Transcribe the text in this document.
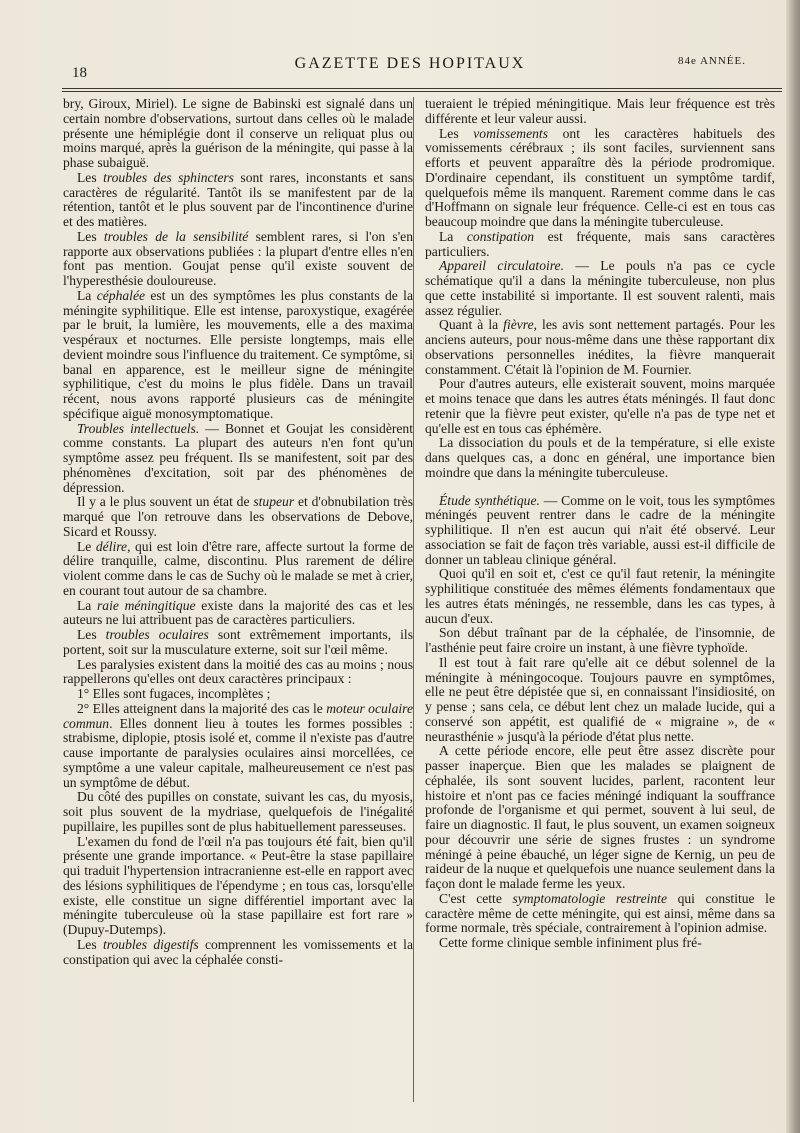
18
GAZETTE DES HOPITAUX	84e ANNÉE.

bry, Giroux, Miriel). Le signe de Babinski est signalé dans un certain nombre d'observations, surtout dans celles où le malade présente une hémiplégie dont il conserve un reliquat plus ou moins marqué, après la guérison de la méningite, qui passe à la phase subaiguë.

Les troubles des sphincters sont rares, inconstants et sans caractères de régularité. Tantôt ils se manifestent par de la rétention, tantôt et le plus souvent par de l'incontinence d'urine et des matières.

Les troubles de la sensibilité semblent rares, si l'on s'en rapporte aux observations publiées : la plupart d'entre elles n'en font pas mention. Goujat pense qu'il existe souvent de l'hyperesthésie douloureuse.

La céphalée est un des symptômes les plus constants de la méningite syphilitique. Elle est intense, paroxystique, exagérée par le bruit, la lumière, les mouvements, elle a des maxima vespéraux et nocturnes. Elle persiste longtemps, mais elle devient moindre sous l'influence du traitement. Ce symptôme, si banal en apparence, est le meilleur signe de méningite syphilitique, c'est du moins le plus fidèle. Dans un travail récent, nous avons rapporté plusieurs cas de méningite spécifique aiguë monosymptomatique.

Troubles intellectuels. — Bonnet et Goujat les considèrent comme constants. La plupart des auteurs n'en font qu'un symptôme assez peu fréquent. Ils se manifestent, soit par des phénomènes d'excitation, soit par des phénomènes de dépression.

Il y a le plus souvent un état de stupeur et d'obnubilation très marqué que l'on retrouve dans les observations de Debove, Sicard et Roussy.

Le délire, qui est loin d'être rare, affecte surtout la forme de délire tranquille, calme, discontinu. Plus rarement de délire violent comme dans le cas de Suchy où le malade se met à crier, en courant tout autour de sa chambre.

La raie méningitique existe dans la majorité des cas et les auteurs ne lui attribuent pas de caractères particuliers.

Les troubles oculaires sont extrêmement importants, ils portent, soit sur la musculature externe, soit sur l'œil même.

Les paralysies existent dans la moitié des cas au moins ; nous rappellerons qu'elles ont deux caractères principaux :

1° Elles sont fugaces, incomplètes ;

2° Elles atteignent dans la majorité des cas le moteur oculaire commun. Elles donnent lieu à toutes les formes possibles : strabisme, diplopie, ptosis isolé et, comme il n'existe pas d'autre cause importante de paralysies oculaires ainsi morcellées, ce symptôme a une valeur capitale, malheureusement ce n'est pas un symptôme de début.

Du côté des pupilles on constate, suivant les cas, du myosis, soit plus souvent de la mydriase, quelquefois de l'inégalité pupillaire, les pupilles sont de plus habituellement paresseuses.

L'examen du fond de l'œil n'a pas toujours été fait, bien qu'il présente une grande importance. « Peut-être la stase papillaire qui traduit l'hypertension intracranienne est-elle en rapport avec des lésions syphilitiques de l'épendyme ; en tous cas, lorsqu'elle existe, elle constitue un signe différentiel important avec la méningite tuberculeuse où la stase papillaire est fort rare » (Dupuy-Dutemps).

Les troubles digestifs comprennent les vomissements et la constipation qui avec la céphalée consti-

tueraient le trépied méningitique. Mais leur fréquence est très différente et leur valeur aussi.

Les vomissements ont les caractères habituels des vomissements cérébraux ; ils sont faciles, surviennent sans efforts et peuvent apparaître dès la période prodromique. D'ordinaire cependant, ils constituent un symptôme tardif, quelquefois même ils manquent. Rarement comme dans le cas d'Hoffmann on signale leur fréquence. Celle-ci est en tous cas beaucoup moindre que dans la méningite tuberculeuse.

La constipation est fréquente, mais sans caractères particuliers.

Appareil circulatoire. — Le pouls n'a pas ce cycle schématique qu'il a dans la méningite tuberculeuse, non plus que cette instabilité si importante. Il est souvent ralenti, mais assez régulier.

Quant à la fièvre, les avis sont nettement partagés. Pour les anciens auteurs, pour nous-même dans une thèse rapportant dix observations personnelles inédites, la fièvre manquerait constamment. C'était là l'opinion de M. Fournier.

Pour d'autres auteurs, elle existerait souvent, moins marquée et moins tenace que dans les autres états méningés. Il faut donc retenir que la fièvre peut exister, qu'elle n'a pas de type net et qu'elle est en tous cas éphémère.

La dissociation du pouls et de la température, si elle existe dans quelques cas, a donc en général, une importance bien moindre que dans la méningite tuberculeuse.

Étude synthétique. — Comme on le voit, tous les symptômes méningés peuvent rentrer dans le cadre de la méningite syphilitique. Il n'en est aucun qui n'ait été observé. Leur association se fait de façon très variable, aussi est-il difficile de donner un tableau clinique général.

Quoi qu'il en soit et, c'est ce qu'il faut retenir, la méningite syphilitique constituée des mêmes éléments fondamentaux que les autres états méningés, ne ressemble, dans les cas types, à aucun d'eux.

Son début traînant par de la céphalée, de l'insomnie, de l'asthénie peut faire croire un instant, à une fièvre typhoïde.

Il est tout à fait rare qu'elle ait ce début solennel de la méningite à méningocoque. Toujours pauvre en symptômes, elle ne peut être dépistée que si, en connaissant l'insidiosité, on y pense ; sans cela, ce début lent chez un malade lucide, qui a conservé son appétit, est qualifié de « migraine », de « neurasthénie » jusqu'à la période d'état plus nette.

A cette période encore, elle peut être assez discrète pour passer inaperçue. Bien que les malades se plaignent de céphalée, ils sont souvent lucides, parlent, racontent leur histoire et n'ont pas ce facies méningé indiquant la souffrance profonde de l'organisme et qui permet, souvent à lui seul, de faire un diagnostic. Il faut, le plus souvent, un examen soigneux pour découvrir une série de signes frustes : un syndrome méningé à peine ébauché, un léger signe de Kernig, un peu de raideur de la nuque et quelquefois une nuance seulement dans la façon dont le malade ferme les yeux.

C'est cette symptomatologie restreinte qui constitue le caractère même de cette méningite, qui est ainsi, même dans sa forme normale, très spéciale, contrairement à l'opinion admise.

Cette forme clinique semble infiniment plus fré-
